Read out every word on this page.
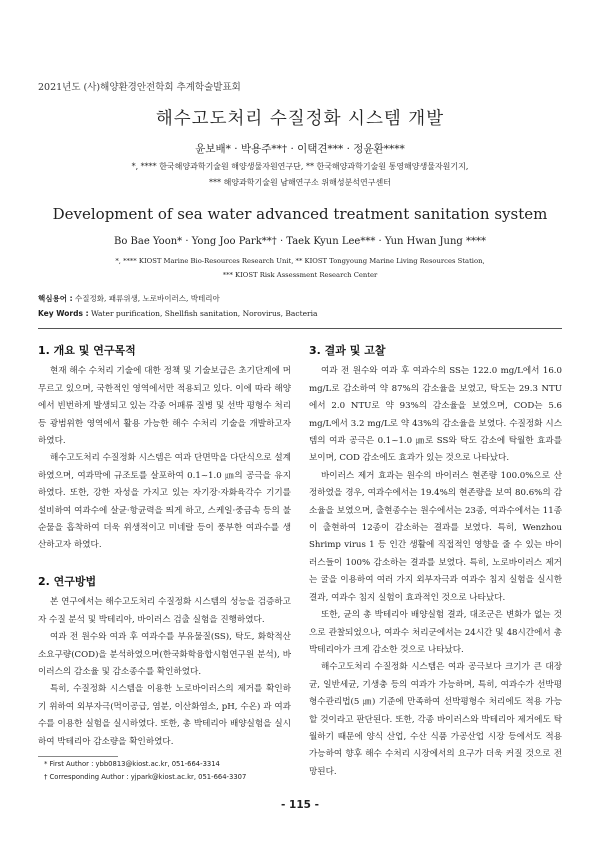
2021년도 (사)해양환경안전학회 추계학술발표회
해수고도처리 수질정화 시스템 개발
윤보배* · 박용주**† · 이택견*** · 정윤환****
*, **** 한국해양과학기술원 해양생물자원연구단, ** 한국해양과학기술원 통영해양생물자원기지,
*** 해양과학기술원 남해연구소 위해성분석연구센터
Development of sea water advanced treatment sanitation system
Bo Bae Yoon* · Yong Joo Park**† · Taek Kyun Lee*** · Yun Hwan Jung ****
*, **** KIOST Marine Bio-Resources Research Unit, ** KIOST Tongyoung Marine Living Resources Station,
*** KIOST Risk Assessment Research Center
핵심용어 : 수질정화, 패류위생, 노로바이러스, 박테리아
Key Words : Water purification, Shellfish sanitation, Norovirus, Bacteria
1. 개요 및 연구목적

현재 해수 수처리 기술에 대한 정책 및 기술보급은 초기단계에 머무르고 있으며, 국한적인 영역에서만 적용되고 있다. 이에 따라 해양에서 빈번하게 발생되고 있는 각종 어패류 질병 및 선박 평형수 처리 등 광범위한 영역에서 활용 가능한 해수 수처리 기술을 개발하고자 하였다.

해수고도처리 수질정화 시스템은 여과 단면막을 다단식으로 설계하였으며, 여과막에 규조토를 살포하여 0.1~1.0 ㎛의 공극을 유지하였다. 또한, 강한 자성을 가지고 있는 자기장·자화육각수 기기를 설비하여 여과수에 살균·항균력을 띄게 하고, 스케일·중금속 등의 불순물을 흡착하여 더욱 위생적이고 미네랄 등이 풍부한 여과수를 생산하고자 하였다.

2. 연구방법

본 연구에서는 해수고도처리 수질정화 시스템의 성능을 검증하고자 수질 분석 및 박테리아, 바이러스 검출 실험을 진행하였다.

여과 전 원수와 여과 후 여과수를 부유물질(SS), 탁도, 화학적산소요구량(COD)을 분석하였으며(한국화학융합시험연구원 분석), 바이러스의 감소율 및 감소종수를 확인하였다.

특히, 수질정화 시스템을 이용한 노로바이러스의 제거를 확인하기 위하여 외부자극(먹이공급, 염분, 이산화염소, pH, 수온) 과 여과수를 이용한 실험을 실시하였다. 또한, 총 박테리아 배양실험을 실시하여 박테리아 감소량을 확인하였다.

3. 결과 및 고찰

여과 전 원수와 여과 후 여과수의 SS는 122.0 mg/L에서 16.0 mg/L로 감소하여 약 87%의 감소율을 보였고, 탁도는 29.3 NTU에서 2.0 NTU로 약 93%의 감소율을 보였으며, COD는 5.6 mg/L에서 3.2 mg/L로 약 43%의 감소율을 보였다. 수질정화 시스템의 여과 공극은 0.1~1.0 ㎛로 SS와 탁도 감소에 탁월한 효과를 보이며, COD 감소에도 효과가 있는 것으로 나타났다.

바이러스 제거 효과는 원수의 바이러스 현존량 100.0%으로 산정하였을 경우, 여과수에서는 19.4%의 현존량을 보여 80.6%의 감소율을 보였으며, 출현종수는 원수에서는 23종, 여과수에서는 11종이 출현하여 12종이 감소하는 결과를 보였다. 특히, Wenzhou Shrimp virus 1 등 인간 생활에 직접적인 영향을 줄 수 있는 바이러스들이 100% 감소하는 결과를 보였다. 특히, 노로바이러스 제거는 굴을 이용하여 여러 가지 외부자극과 여과수 침지 실험을 실시한 결과, 여과수 침지 실험이 효과적인 것으로 나타났다.

또한, 균의 총 박테리아 배양실험 결과, 대조군은 변화가 없는 것으로 관찰되었으나, 여과수 처리군에서는 24시간 및 48시간에서 총 박테리아가 크게 감소한 것으로 나타났다.

해수고도처리 수질정화 시스템은 여과 공극보다 크기가 큰 대장균, 일반세균, 기생충 등의 여과가 가능하며, 특히, 여과수가 선박평형수관리법(5 ㎛) 기준에 만족하여 선박평형수 처리에도 적용 가능할 것이라고 판단된다. 또한, 각종 바이러스와 박테리아 제거에도 탁월하기 때문에 양식 산업, 수산 식품 가공산업 시장 등에서도 적용 가능하여 향후 해수 수처리 시장에서의 요구가 더욱 커질 것으로 전망된다.

* First Author : ybb0813@kiost.ac.kr, 051-664-3314
† Corresponding Author : yjpark@kiost.ac.kr, 051-664-3307
- 115 -
